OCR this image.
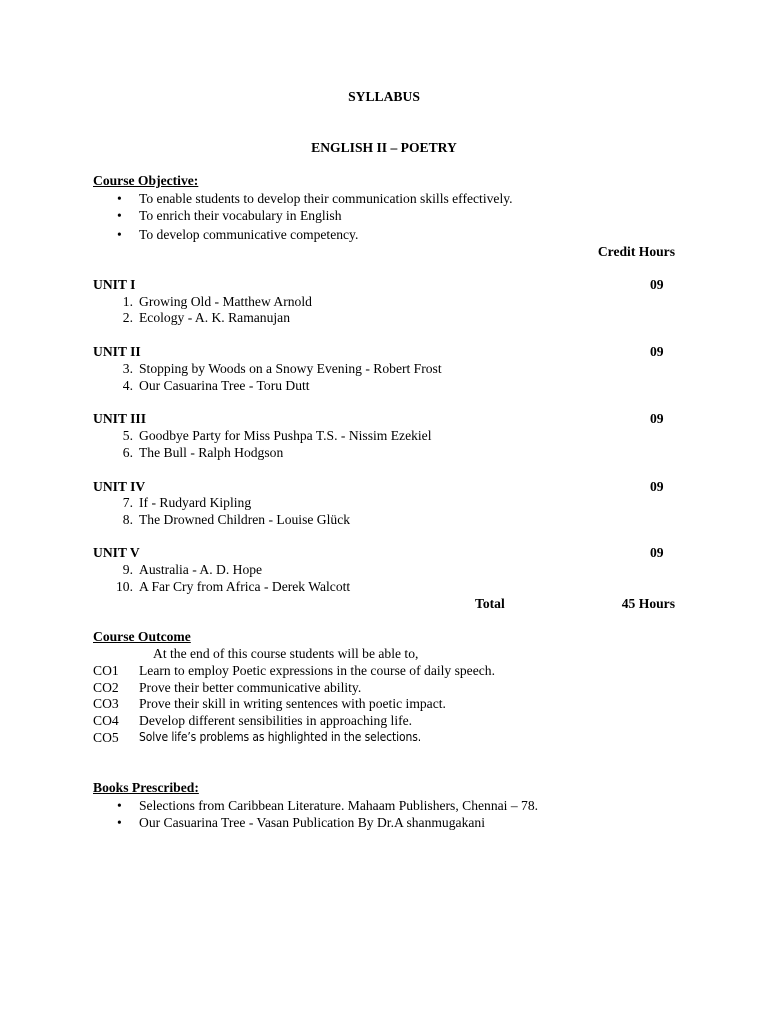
SYLLABUS
ENGLISH II – POETRY
Course Objective:
• To enable students to develop their communication skills effectively.
• To enrich their vocabulary in English
• To develop communicative competency.
Credit Hours
UNIT I	09
1. Growing Old - Matthew Arnold
2. Ecology - A. K. Ramanujan
UNIT II	09
3. Stopping by Woods on a Snowy Evening - Robert Frost
4. Our Casuarina Tree - Toru Dutt
UNIT III	09
5. Goodbye Party for Miss Pushpa T.S. - Nissim Ezekiel
6. The Bull - Ralph Hodgson
UNIT IV	09
7. If - Rudyard Kipling
8. The Drowned Children - Louise Glück
UNIT V	09
9. Australia - A. D. Hope
10. A Far Cry from Africa - Derek Walcott
Total	45 Hours
Course Outcome
At the end of this course students will be able to,
CO1 Learn to employ Poetic expressions in the course of daily speech.
CO2 Prove their better communicative ability.
CO3 Prove their skill in writing sentences with poetic impact.
CO4 Develop different sensibilities in approaching life.
CO5 Solve life’s problems as highlighted in the selections.
Books Prescribed:
• Selections from Caribbean Literature. Mahaam Publishers, Chennai – 78.
• Our Casuarina Tree - Vasan Publication By Dr.A shanmugakani
